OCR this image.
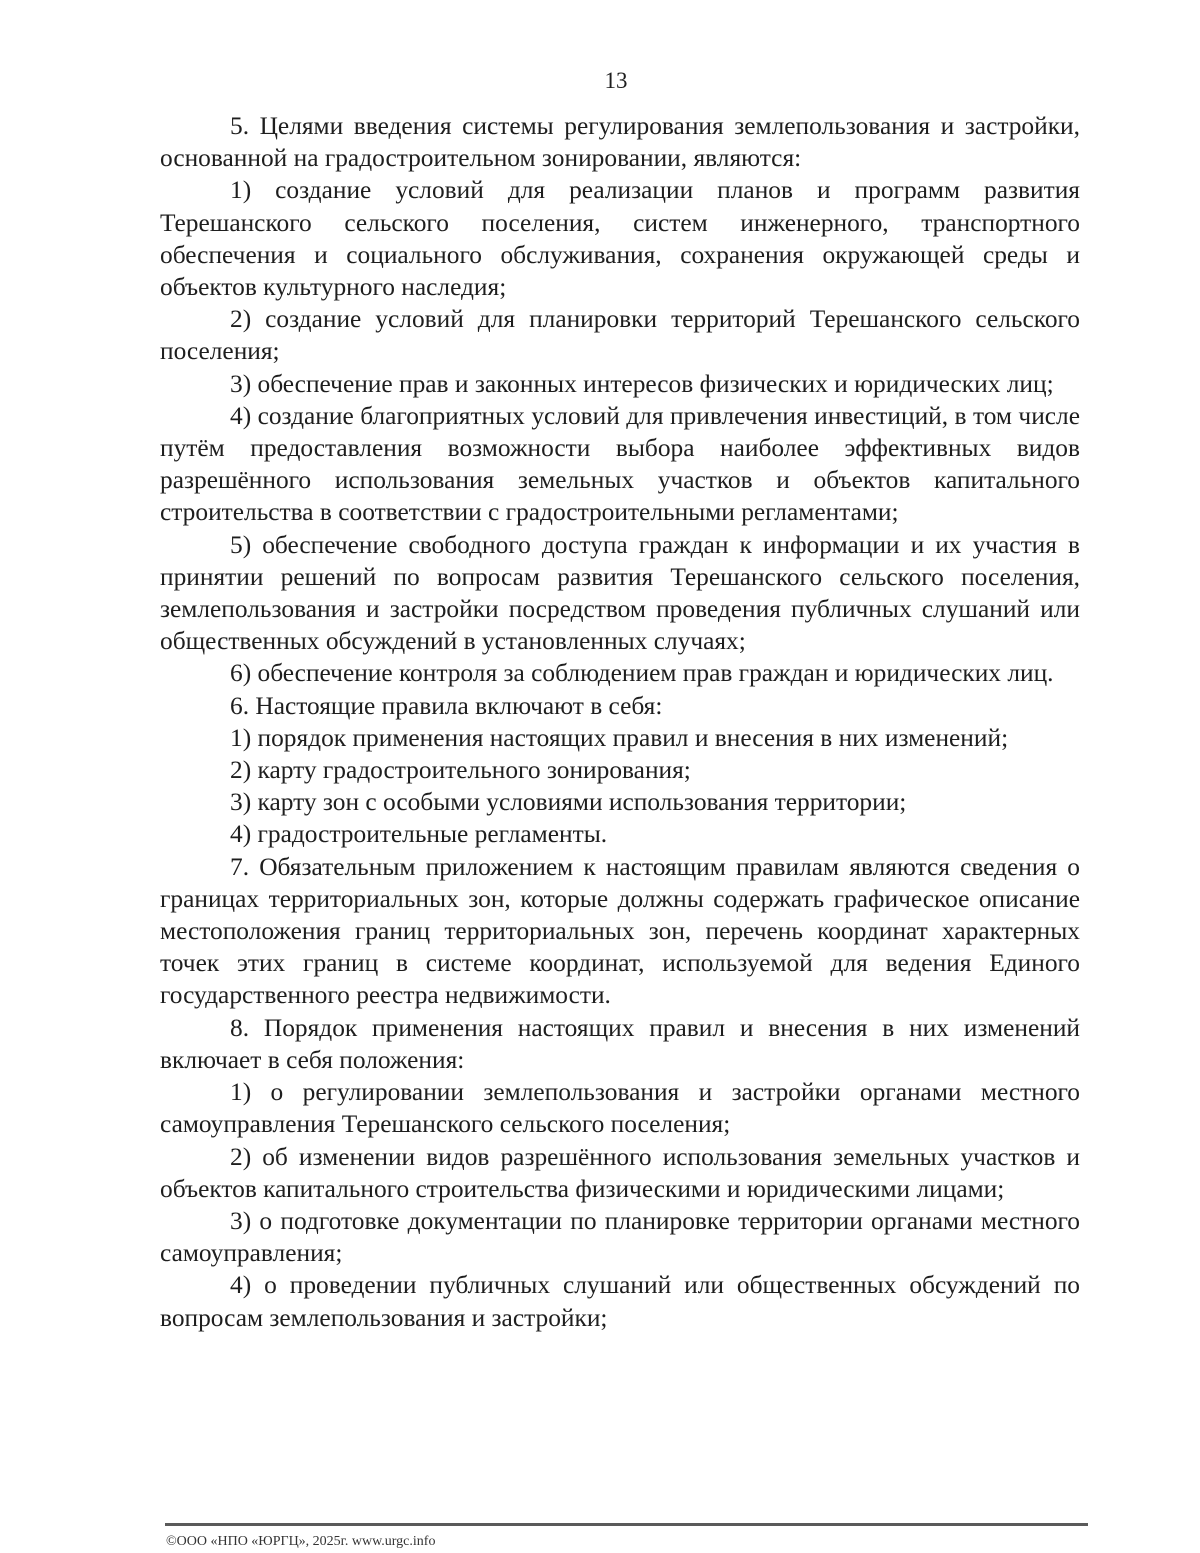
13

5. Целями введения системы регулирования землепользования и застройки, основанной на градостроительном зонировании, являются:

1) создание условий для реализации планов и программ развития Терешанского сельского поселения, систем инженерного, транспортного обеспечения и социального обслуживания, сохранения окружающей среды и объектов культурного наследия;

2) создание условий для планировки территорий Терешанского сельского поселения;

3) обеспечение прав и законных интересов физических и юридических лиц;

4) создание благоприятных условий для привлечения инвестиций, в том числе путём предоставления возможности выбора наиболее эффективных видов разрешённого использования земельных участков и объектов капитального строительства в соответствии с градостроительными регламентами;

5) обеспечение свободного доступа граждан к информации и их участия в принятии решений по вопросам развития Терешанского сельского поселения, землепользования и застройки посредством проведения публичных слушаний или общественных обсуждений в установленных случаях;

6) обеспечение контроля за соблюдением прав граждан и юридических лиц.

6. Настоящие правила включают в себя:

1) порядок применения настоящих правил и внесения в них изменений;

2) карту градостроительного зонирования;

3) карту зон с особыми условиями использования территории;

4) градостроительные регламенты.

7. Обязательным приложением к настоящим правилам являются сведения о границах территориальных зон, которые должны содержать графическое описание местоположения границ территориальных зон, перечень координат характерных точек этих границ в системе координат, используемой для ведения Единого государственного реестра недвижимости.

8. Порядок применения настоящих правил и внесения в них изменений включает в себя положения:

1) о регулировании землепользования и застройки органами местного самоуправления Терешанского сельского поселения;

2) об изменении видов разрешённого использования земельных участков и объектов капитального строительства физическими и юридическими лицами;

3) о подготовке документации по планировке территории органами местного самоуправления;

4) о проведении публичных слушаний или общественных обсуждений по вопросам землепользования и застройки;

©ООО «НПО «ЮРГЦ», 2025г. www.urgc.info
